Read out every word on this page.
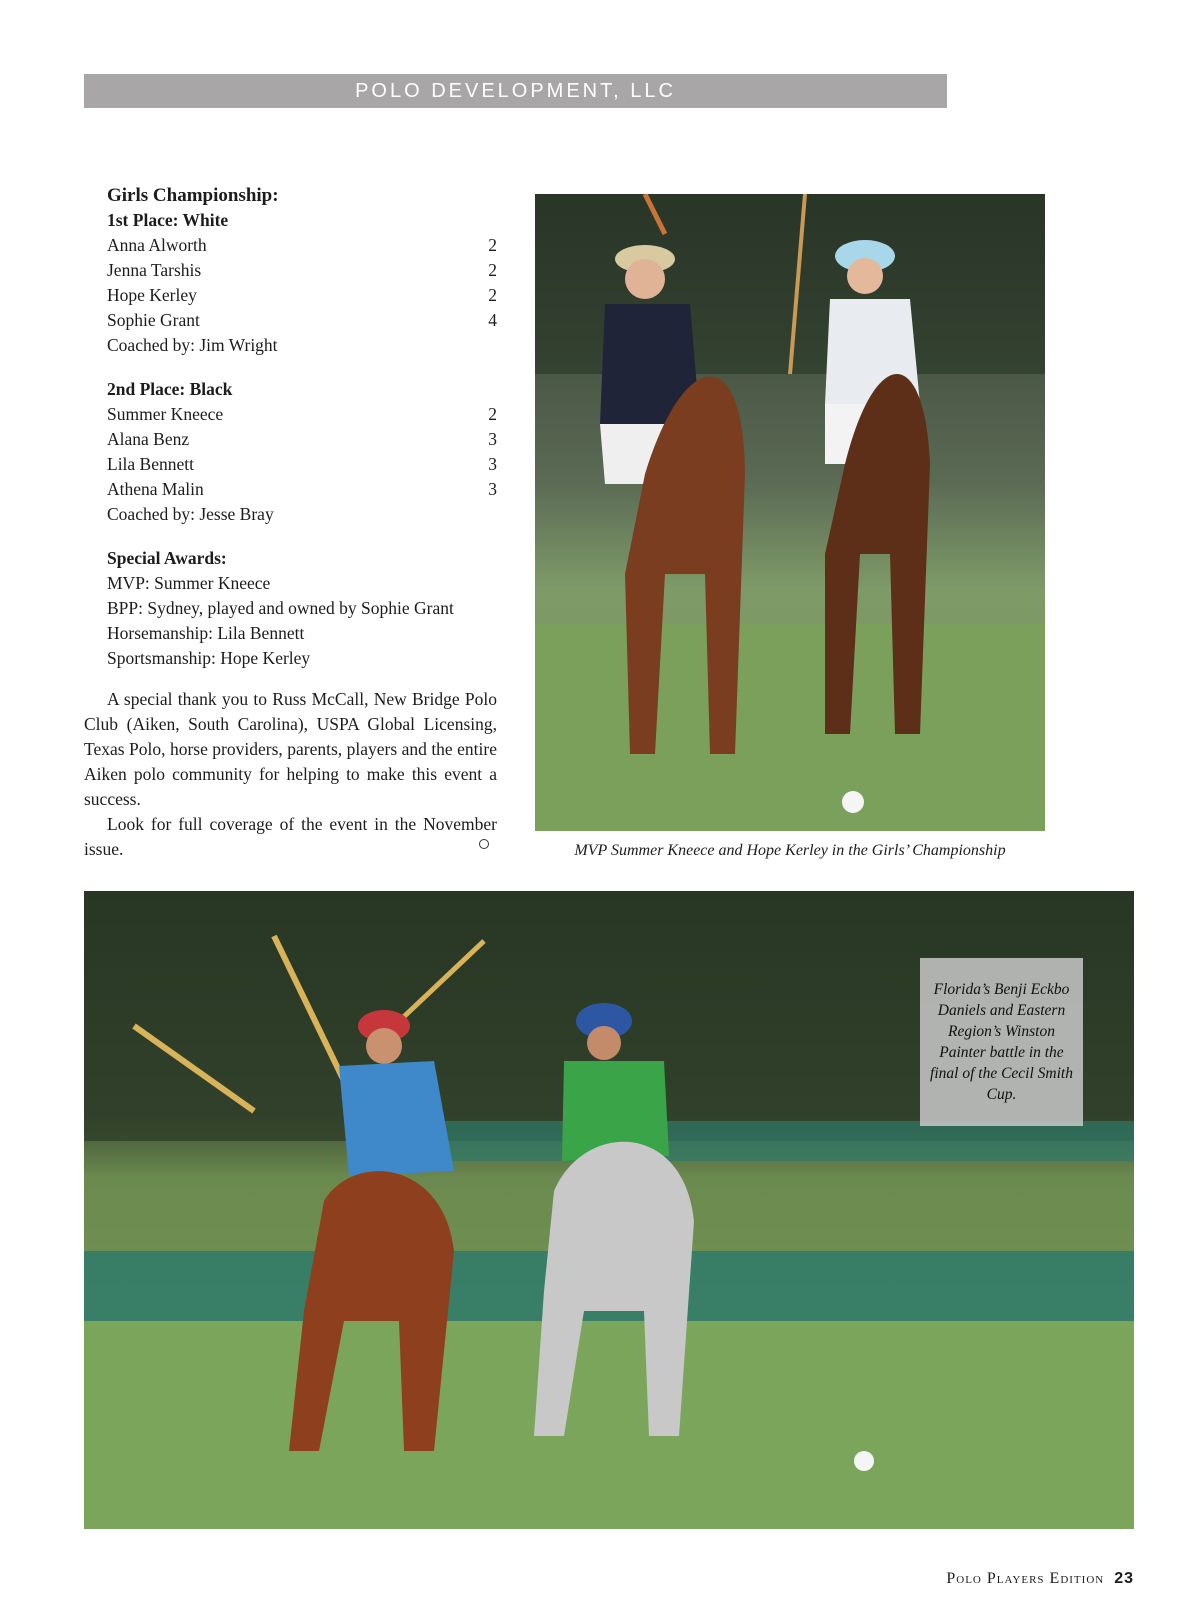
POLO DEVELOPMENT, LLC
Girls Championship:
1st Place: White
Anna Alworth	2
Jenna Tarshis	2
Hope Kerley	2
Sophie Grant	4
Coached by: Jim Wright
2nd Place: Black
Summer Kneece	2
Alana Benz	3
Lila Bennett	3
Athena Malin	3
Coached by: Jesse Bray
Special Awards:
MVP: Summer Kneece
BPP: Sydney, played and owned by Sophie Grant
Horsemanship: Lila Bennett
Sportsmanship: Hope Kerley

A special thank you to Russ McCall, New Bridge Polo Club (Aiken, South Carolina), USPA Global Licensing, Texas Polo, horse providers, parents, players and the entire Aiken polo community for helping to make this event a success.

Look for full coverage of the event in the November issue.	MVP Summer Kneece and Hope Kerley in the Girls’ Championship
Florida’s Benji Eckbo Daniels and Eastern Region’s Winston Painter battle in the final of the Cecil Smith Cup.
Polo Players Edition 23
